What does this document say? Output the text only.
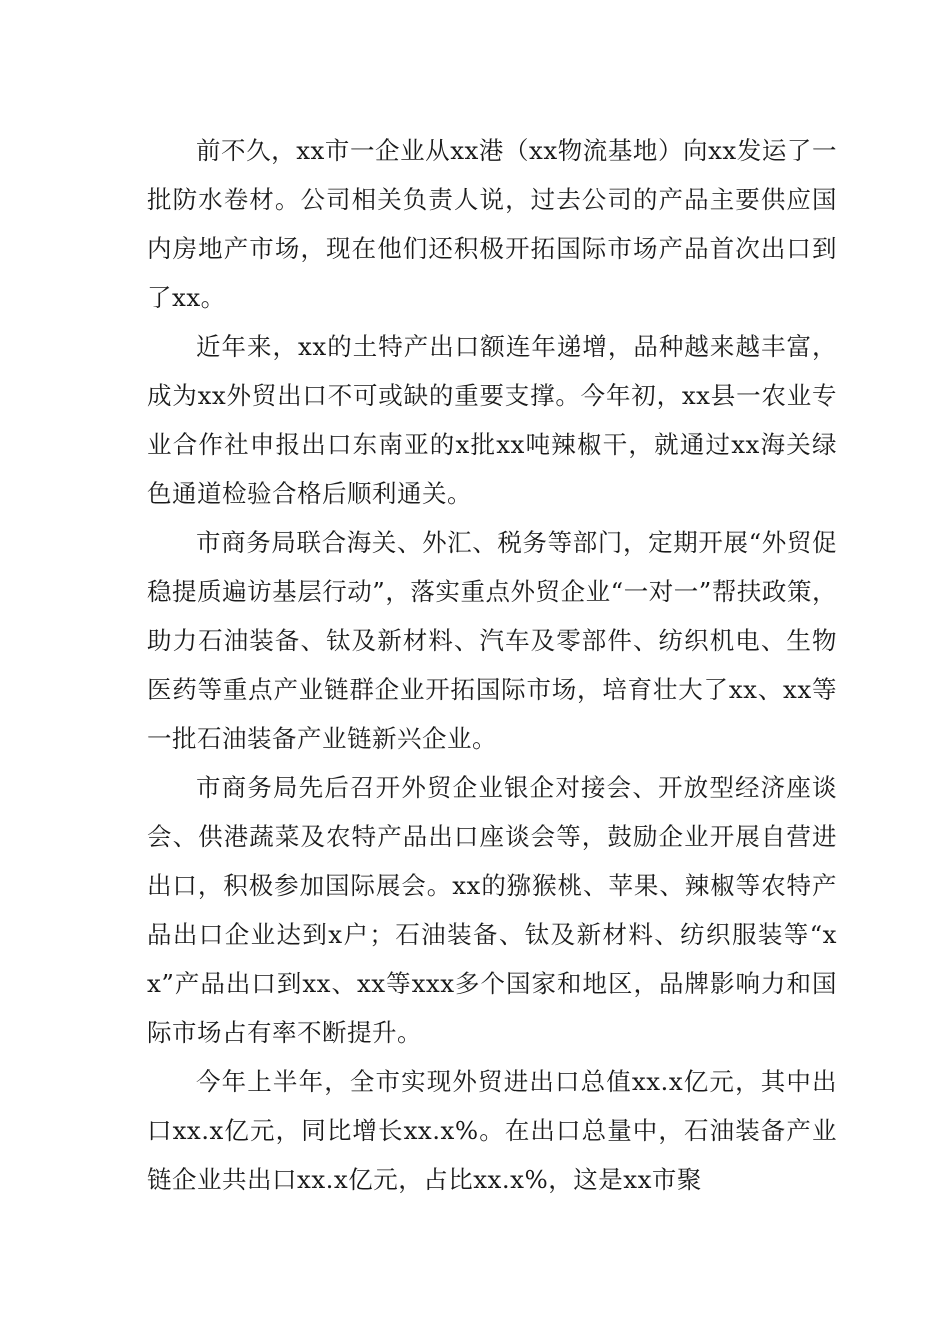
前不久，xx市一企业从xx港（xx物流基地）向xx发运了一批防水卷材。公司相关负责人说，过去公司的产品主要供应国内房地产市场，现在他们还积极开拓国际市场产品首次出口到了xx。

近年来，xx的土特产出口额连年递增，品种越来越丰富，成为xx外贸出口不可或缺的重要支撑。今年初，xx县一农业专业合作社申报出口东南亚的x批xx吨辣椒干，就通过xx海关绿色通道检验合格后顺利通关。

市商务局联合海关、外汇、税务等部门，定期开展“外贸促稳提质遍访基层行动”，落实重点外贸企业“一对一”帮扶政策，助力石油装备、钛及新材料、汽车及零部件、纺织机电、生物医药等重点产业链群企业开拓国际市场，培育壮大了xx、xx等一批石油装备产业链新兴企业。

市商务局先后召开外贸企业银企对接会、开放型经济座谈会、供港蔬菜及农特产品出口座谈会等，鼓励企业开展自营进出口，积极参加国际展会。xx的猕猴桃、苹果、辣椒等农特产品出口企业达到x户；石油装备、钛及新材料、纺织服装等“xx”产品出口到xx、xx等xxx多个国家和地区，品牌影响力和国际市场占有率不断提升。

今年上半年，全市实现外贸进出口总值xx.x亿元，其中出口xx.x亿元，同比增长xx.x%。在出口总量中，石油装备产业链企业共出口xx.x亿元，占比xx.x%，这是xx市聚
